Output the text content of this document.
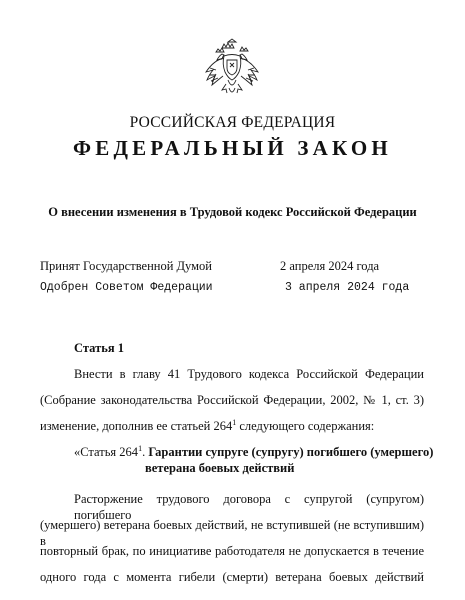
РОССИЙСКАЯ ФЕДЕРАЦИЯ
ФЕДЕРАЛЬНЫЙ ЗАКОН
О внесении изменения в Трудовой кодекс Российской Федерации
Принят Государственной Думой	2 апреля 2024 года
Одобрен Советом Федерации	3 апреля 2024 года
Статья 1
Внести в главу 41 Трудового кодекса Российской Федерации
(Собрание законодательства Российской Федерации, 2002, № 1, ст. 3)
изменение, дополнив ее статьей $264^1$ следующего содержания:
«Статья $264^1$. Гарантии супруге (супругу) погибшего (умершего)
ветерана боевых действий
Расторжение трудового договора с супругой (супругом) погибшего
(умершего) ветерана боевых действий, не вступившей (не вступившим) в
повторный брак, по инициативе работодателя не допускается в течение
одного года с момента гибели (смерти) ветерана боевых действий
